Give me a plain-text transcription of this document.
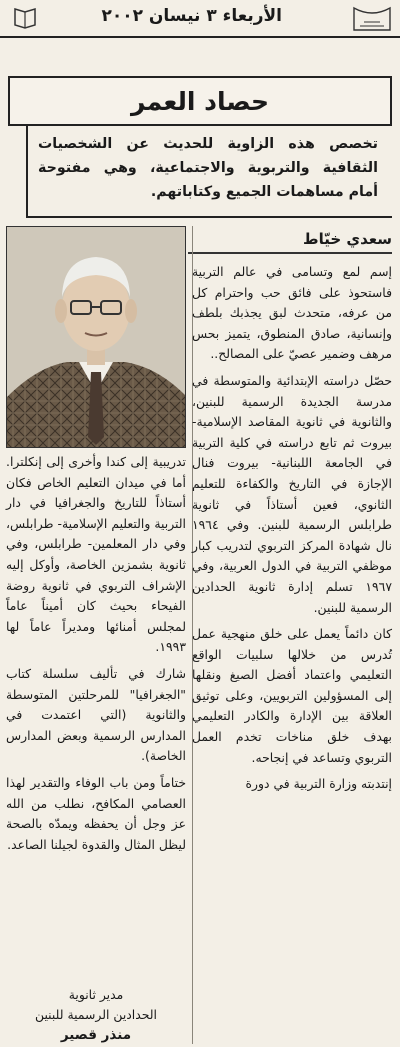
الأربعاء ٣ نيسان ٢٠٠٢
حصاد العمر
تخصص هذه الزاوية للحديث عن الشخصيات الثقافية والتربوية والاجتماعية، وهي مفتوحة أمام مساهمات الجميع وكتاباتهم.
سعدي خيّاط

إسم لمع وتسامى في عالم التربية فاستحوذ على فائق حب واحترام كل من عرفه، متحدث لبق يجذبك بلطف وإنسانية، صادق المنطوق، يتميز بحس مرهف وضمير عصيّ على المصالح..

حصّل دراسته الإبتدائية والمتوسطة في مدرسة الجديدة الرسمية للبنين، والثانوية في ثانوية المقاصد الإسلامية- بيروت ثم تابع دراسته في كلية التربية في الجامعة اللبنانية- بيروت فنال الإجازة في التاريخ والكفاءة للتعليم الثانوي، فعين أستاذاً في ثانوية طرابلس الرسمية للبنين. وفي ١٩٦٤ نال شهادة المركز التربوي لتدريب كبار موظفي التربية في الدول العربية، وفي ١٩٦٧ تسلم إدارة ثانوية الحدادين الرسمية للبنين.

كان دائماً يعمل على خلق منهجية عمل تُدرس من خلالها سلبيات الواقع التعليمي واعتماد أفضل الصيغ ونقلها إلى المسؤولين التربويين، وعلى توثيق العلاقة بين الإدارة والكادر التعليمي بهدف خلق مناخات تخدم العمل التربوي وتساعد في إنجاحه.

إنتدبته وزارة التربية في دورة

تدريبية إلى كندا وأخرى إلى إنكلترا. أما في ميدان التعليم الخاص فكان أستاذاً للتاريخ والجغرافيا في دار التربية والتعليم الإسلامية- طرابلس، وفي دار المعلمين- طرابلس، وفي ثانوية بشمزين الخاصة، وأوكل إليه الإشراف التربوي في ثانوية روضة الفيحاء بحيث كان أميناً عاماً لمجلس أمنائها ومديراً عاماً لها ١٩٩٣.

شارك في تأليف سلسلة كتاب "الجغرافيا" للمرحلتين المتوسطة والثانوية (التي اعتمدت في المدارس الرسمية وبعض المدارس الخاصة).

ختاماً ومن باب الوفاء والتقدير لهذا العصامي المكافح، نطلب من الله عز وجل أن يحفظه ويمدّه بالصحة ليظل المثال والقدوة لجيلنا الصاعد.

مدير ثانوية
الحدادين الرسمية للبنين
منذر قصير
